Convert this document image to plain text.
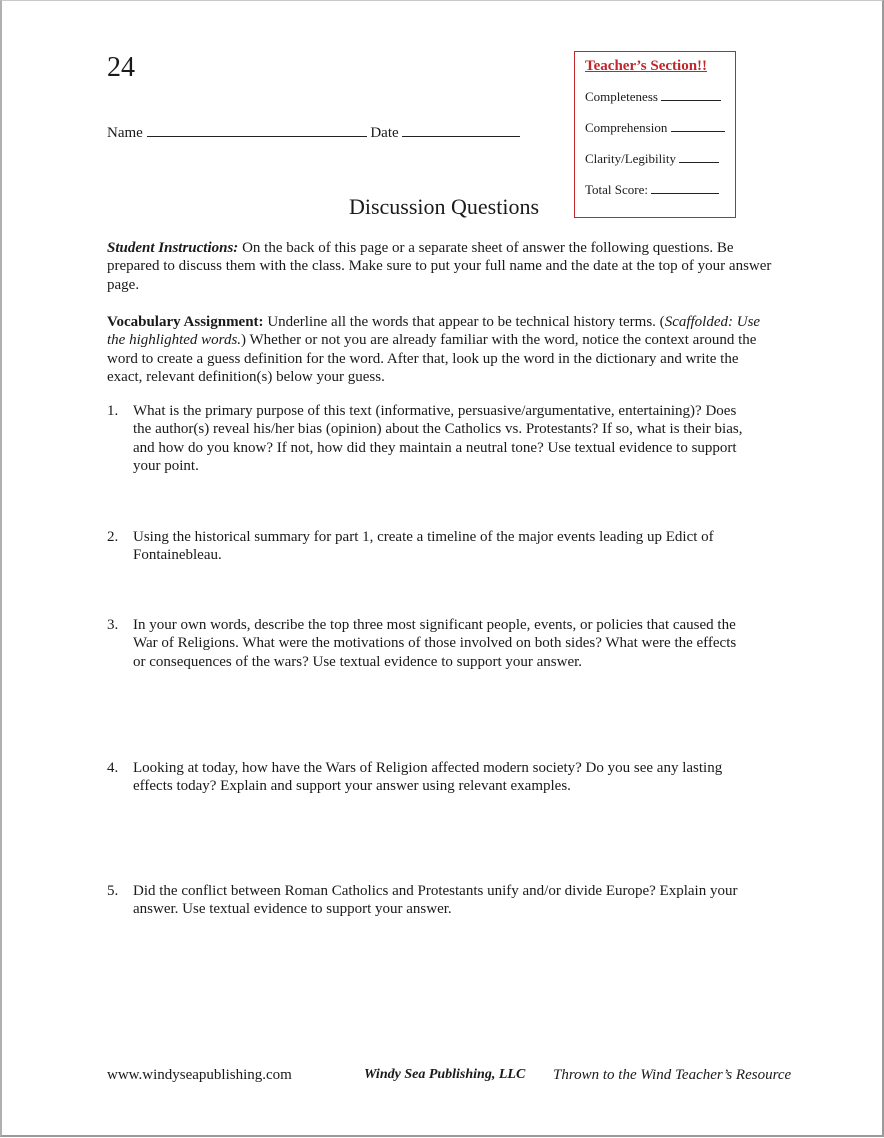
24
Name	Date
Teacher’s Section!!
Completeness
Comprehension
Clarity/Legibility
Total Score:
Discussion Questions
Student Instructions: On the back of this page or a separate sheet of answer the following questions. Be prepared to discuss them with the class. Make sure to put your full name and the date at the top of your answer page.
Vocabulary Assignment: Underline all the words that appear to be technical history terms. (Scaffolded: Use the highlighted words.) Whether or not you are already familiar with the word, notice the context around the word to create a guess definition for the word. After that, look up the word in the dictionary and write the exact, relevant definition(s) below your guess.
1. What is the primary purpose of this text (informative, persuasive/argumentative, entertaining)? Does the author(s) reveal his/her bias (opinion) about the Catholics vs. Protestants? If so, what is their bias, and how do you know? If not, how did they maintain a neutral tone? Use textual evidence to support your point.
2. Using the historical summary for part 1, create a timeline of the major events leading up Edict of Fontainebleau.
3. In your own words, describe the top three most significant people, events, or policies that caused the War of Religions. What were the motivations of those involved on both sides? What were the effects or consequences of the wars? Use textual evidence to support your answer.
4. Looking at today, how have the Wars of Religion affected modern society? Do you see any lasting effects today? Explain and support your answer using relevant examples.
5. Did the conflict between Roman Catholics and Protestants unify and/or divide Europe? Explain your answer. Use textual evidence to support your answer.
www.windyseapublishing.com	Windy Sea Publishing, LLC Thrown to the Wind Teacher’s Resource
